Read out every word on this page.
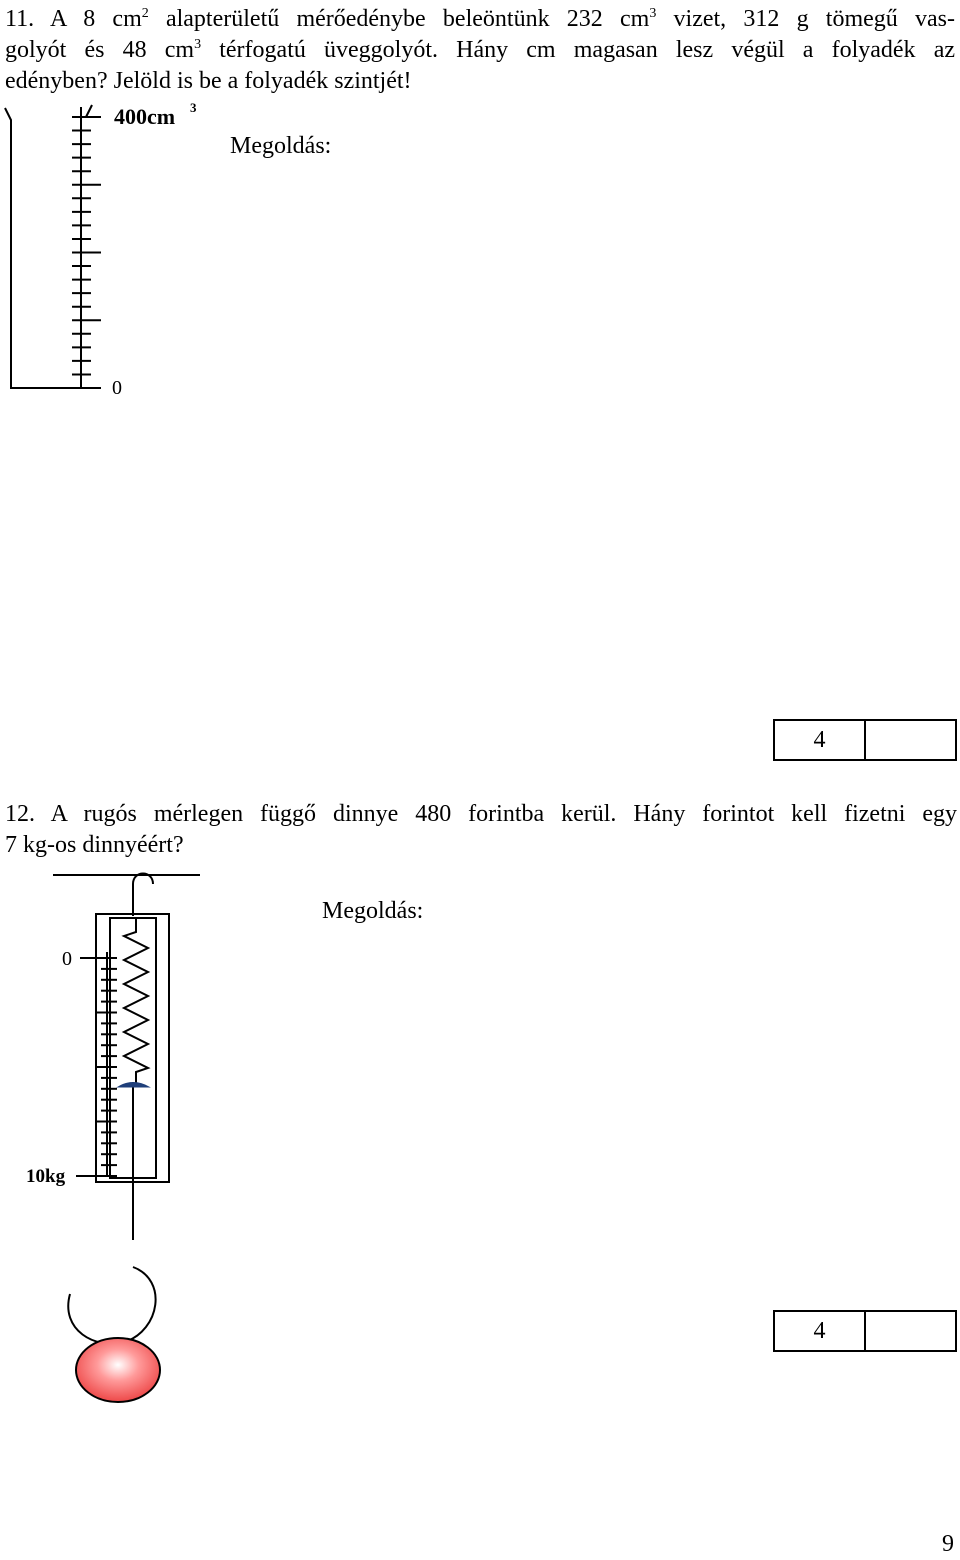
11. A 8 $cm^2$ alapterületű mérőedénybe beleöntünk 232 $cm^3$ vizet, 312 g tömegű vas-
golyót és 48 $cm^3$ térfogatú üveggolyót. Hány cm magasan lesz végül a folyadék az
edényben? Jelöld is be a folyadék szintjét!
400cm 3
0
Megoldás:
4
12. A rugós mérlegen függő dinnye 480 forintba kerül. Hány forintot kell fizetni egy
7 kg-os dinnyéért?
0
10kg
Megoldás:
4
9
